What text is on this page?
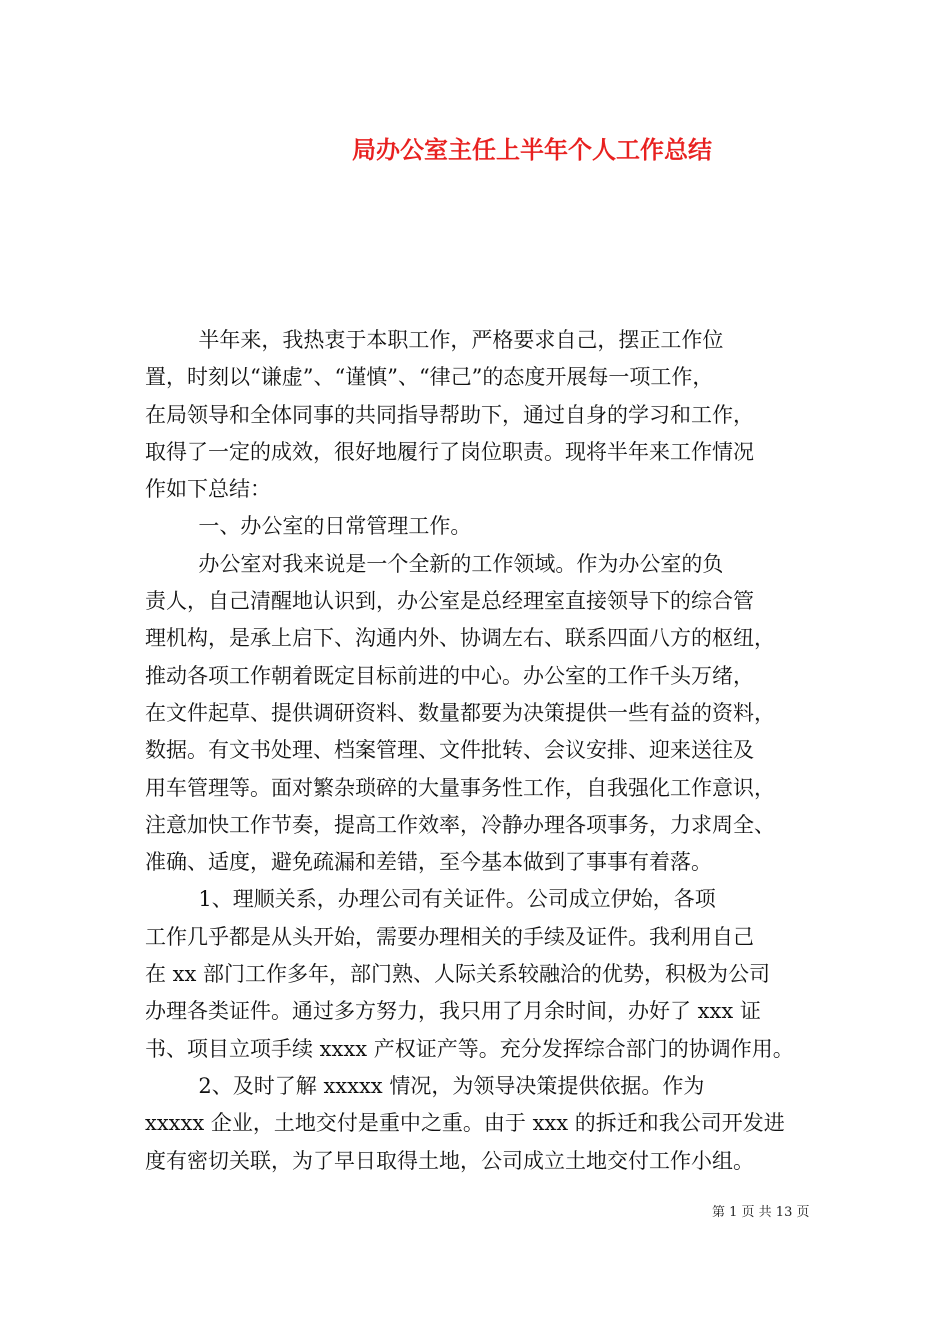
局办公室主任上半年个人工作总结
半年来，我热衷于本职工作，严格要求自己，摆正工作位
置，时刻以“谦虚”、“谨慎”、“律己”的态度开展每一项工作，
在局领导和全体同事的共同指导帮助下，通过自身的学习和工作，
取得了一定的成效，很好地履行了岗位职责。现将半年来工作情况
作如下总结：
一、办公室的日常管理工作。
办公室对我来说是一个全新的工作领域。作为办公室的负
责人，自己清醒地认识到，办公室是总经理室直接领导下的综合管
理机构，是承上启下、沟通内外、协调左右、联系四面八方的枢纽，
推动各项工作朝着既定目标前进的中心。办公室的工作千头万绪，
在文件起草、提供调研资料、数量都要为决策提供一些有益的资料，
数据。有文书处理、档案管理、文件批转、会议安排、迎来送往及
用车管理等。面对繁杂琐碎的大量事务性工作，自我强化工作意识，
注意加快工作节奏，提高工作效率，冷静办理各项事务，力求周全、
准确、适度，避免疏漏和差错，至今基本做到了事事有着落。
1、理顺关系，办理公司有关证件。公司成立伊始，各项
工作几乎都是从头开始，需要办理相关的手续及证件。我利用自己
在 xx 部门工作多年，部门熟、人际关系较融洽的优势，积极为公司
办理各类证件。通过多方努力，我只用了月余时间，办好了 xxx 证
书、项目立项手续 xxxx 产权证产等。充分发挥综合部门的协调作用。
2、及时了解 xxxxx 情况，为领导决策提供依据。作为
xxxxx 企业，土地交付是重中之重。由于 xxx 的拆迁和我公司开发进
度有密切关联，为了早日取得土地，公司成立土地交付工作小组。
第 1 页 共 13 页
